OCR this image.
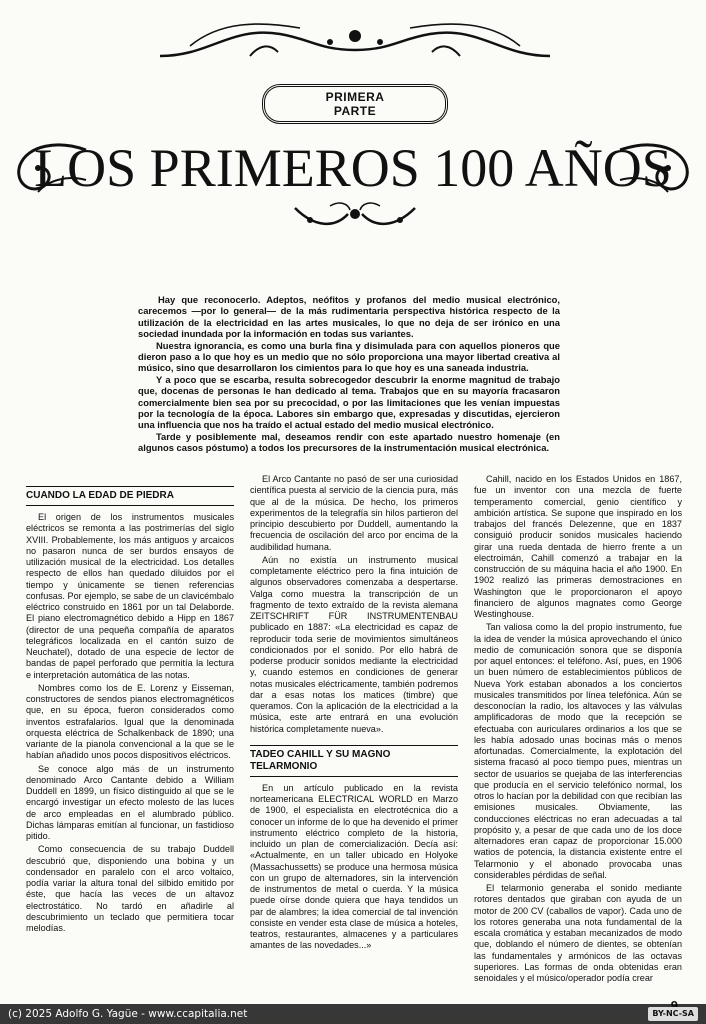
PRIMERA
PARTE
LOS PRIMEROS 100 AÑOS

Hay que reconocerlo. Adeptos, neófitos y profanos del medio musical electrónico, carecemos —por lo general— de la más rudimentaria perspectiva histórica respecto de la utilización de la electricidad en las artes musicales, lo que no deja de ser irónico en una sociedad inundada por la información en todas sus variantes.

Nuestra ignorancia, es como una burla fina y disimulada para con aquellos pioneros que dieron paso a lo que hoy es un medio que no sólo proporciona una mayor libertad creativa al músico, sino que desarrollaron los cimientos para lo que hoy es una saneada industria.

Y a poco que se escarba, resulta sobrecogedor descubrir la enorme magnitud de trabajo que, docenas de personas le han dedicado al tema. Trabajos que en su mayoría fracasaron comercialmente bien sea por su precocidad, o por las limitaciones que les venían impuestas por la tecnología de la época. Labores sin embargo que, expresadas y discutidas, ejercieron una influencia que nos ha traído el actual estado del medio musical electrónico.

Tarde y posiblemente mal, deseamos rendir con este apartado nuestro homenaje (en algunos casos póstumo) a todos los precursores de la instrumentación musical electrónica.

CUANDO LA EDAD DE PIEDRA

El origen de los instrumentos musicales eléctricos se remonta a las postrimerías del siglo XVIII. Probablemente, los más antiguos y arcaicos no pasaron nunca de ser burdos ensayos de utilización musical de la electricidad. Los detalles respecto de ellos han quedado diluidos por el tiempo y únicamente se tienen referencias confusas. Por ejemplo, se sabe de un clavicémbalo eléctrico construido en 1861 por un tal Delaborde. El piano electromagnético debido a Hipp en 1867 (director de una pequeña compañía de aparatos telegráficos localizada en el cantón suizo de Neuchatel), dotado de una especie de lector de bandas de papel perforado que permitía la lectura e interpretación automática de las notas.

Nombres como los de E. Lorenz y Eisseman, constructores de sendos pianos electromagnéticos que, en su época, fueron considerados como inventos estrafalarios. Igual que la denominada orquesta eléctrica de Schalkenback de 1890; una variante de la pianola convencional a la que se le habían añadido unos pocos dispositivos eléctricos.

Se conoce algo más de un instrumento denominado Arco Cantante debido a William Duddell en 1899, un físico distinguido al que se le encargó investigar un efecto molesto de las luces de arco empleadas en el alumbrado público. Dichas lámparas emitían al funcionar, un fastidioso pitido.

Como consecuencia de su trabajo Duddell descubrió que, disponiendo una bobina y un condensador en paralelo con el arco voltaico, podía variar la altura tonal del silbido emitido por éste, que hacía las veces de un altavoz electrostático. No tardó en añadirle al descubrimiento un teclado que permitiera tocar melodías.

El Arco Cantante no pasó de ser una curiosidad científica puesta al servicio de la ciencia pura, más que al de la música. De hecho, los primeros experimentos de la telegrafía sin hilos partieron del principio descubierto por Duddell, aumentando la frecuencia de oscilación del arco por encima de la audibilidad humana.

Aún no existía un instrumento musical completamente eléctrico pero la fina intuición de algunos observadores comenzaba a despertarse. Valga como muestra la transcripción de un fragmento de texto extraído de la revista alemana ZEITSCHRIFT FÜR INSTRUMENTENBAU publicado en 1887: «La electricidad es capaz de reproducir toda serie de movimientos simultáneos condicionados por el sonido. Por ello habrá de poderse producir sonidos mediante la electricidad y, cuando estemos en condiciones de generar notas musicales eléctricamente, también podremos dar a esas notas los matices (timbre) que queramos. Con la aplicación de la electricidad a la música, este arte entrará en una evolución histórica completamente nueva».

TADEO CAHILL Y SU MAGNO TELARMONIO

En un artículo publicado en la revista norteamericana ELECTRICAL WORLD en Marzo de 1900, el especialista en electrotécnica dio a conocer un informe de lo que ha devenido el primer instrumento eléctrico completo de la historia, incluido un plan de comercialización. Decía así: «Actualmente, en un taller ubicado en Holyoke (Massachussetts) se produce una hermosa música con un grupo de alternadores, sin la intervención de instrumentos de metal o cuerda. Y la música puede oírse donde quiera que haya tendidos un par de alambres; la idea comercial de tal invención consiste en vender esta clase de música a hoteles, teatros, restaurantes, almacenes y a particulares amantes de las novedades...»

Cahill, nacido en los Estados Unidos en 1867, fue un inventor con una mezcla de fuerte temperamento comercial, genio científico y ambición artística. Se supone que inspirado en los trabajos del francés Delezenne, que en 1837 consiguió producir sonidos musicales haciendo girar una rueda dentada de hierro frente a un electroimán, Cahill comenzó a trabajar en la construcción de su máquina hacia el año 1900. En 1902 realizó las primeras demostraciones en Washington que le proporcionaron el apoyo financiero de algunos magnates como George Westinghouse.

Tan valiosa como la del propio instrumento, fue la idea de vender la música aprovechando el único medio de comunicación sonora que se disponía por aquel entonces: el teléfono. Así, pues, en 1906 un buen número de establecimientos públicos de Nueva York estaban abonados a los conciertos musicales transmitidos por línea telefónica. Aún se desconocían la radio, los altavoces y las válvulas amplificadoras de modo que la recepción se efectuaba con auriculares ordinarios a los que se les había adosado unas bocinas más o menos afortunadas. Comercialmente, la explotación del sistema fracasó al poco tiempo pues, mientras un sector de usuarios se quejaba de las interferencias que producía en el servicio telefónico normal, los otros lo hacían por la debilidad con que recibían las emisiones musicales. Obviamente, las conducciones eléctricas no eran adecuadas a tal propósito y, a pesar de que cada uno de los doce alternadores eran capaz de proporcionar 15.000 watios de potencia, la distancia existente entre el Telarmonio y el abonado provocaba unas considerables pérdidas de señal.

El telarmonio generaba el sonido mediante rotores dentados que giraban con ayuda de un motor de 200 CV (caballos de vapor). Cada uno de los rotores generaba una nota fundamental de la escala cromática y estaban mecanizados de modo que, doblando el número de dientes, se obtenían las fundamentales y armónicos de las octavas superiores. Las formas de onda obtenidas eran senoidales y el músico/operador podía crear

(c) 2025 Adolfo G. Yagüe - www.ccapitalia.net	BY-NC-SA
